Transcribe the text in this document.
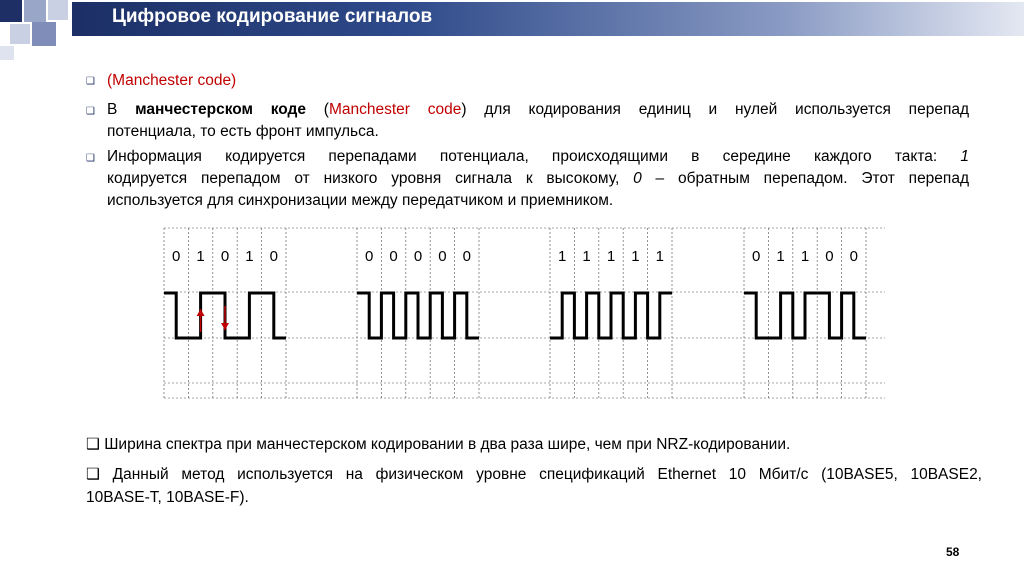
Цифровое кодирование сигналов
❑ (Manchester code)
❑ В манчестерском коде (Manchester code) для кодирования единиц и нулей используется перепад
потенциала, то есть фронт импульса.
❑ Информация кодируется перепадами потенциала, происходящими в середине каждого такта: 1
кодируется перепадом от низкого уровня сигнала к высокому, 0 – обратным перепадом. Этот перепад
используется для синхронизации между передатчиком и приемником.
0 1 0 1 0	0 0 0 0 0	1 1 1 1 1	0 1 1 0 0
❑ Ширина спектра при манчестерском кодировании в два раза шире, чем при NRZ-кодировании.
❑ Данный метод используется на физическом уровне спецификаций Ethernet 10 Мбит/с (10BASE5, 10BASE2,
10BASE-T, 10BASE-F).
58
